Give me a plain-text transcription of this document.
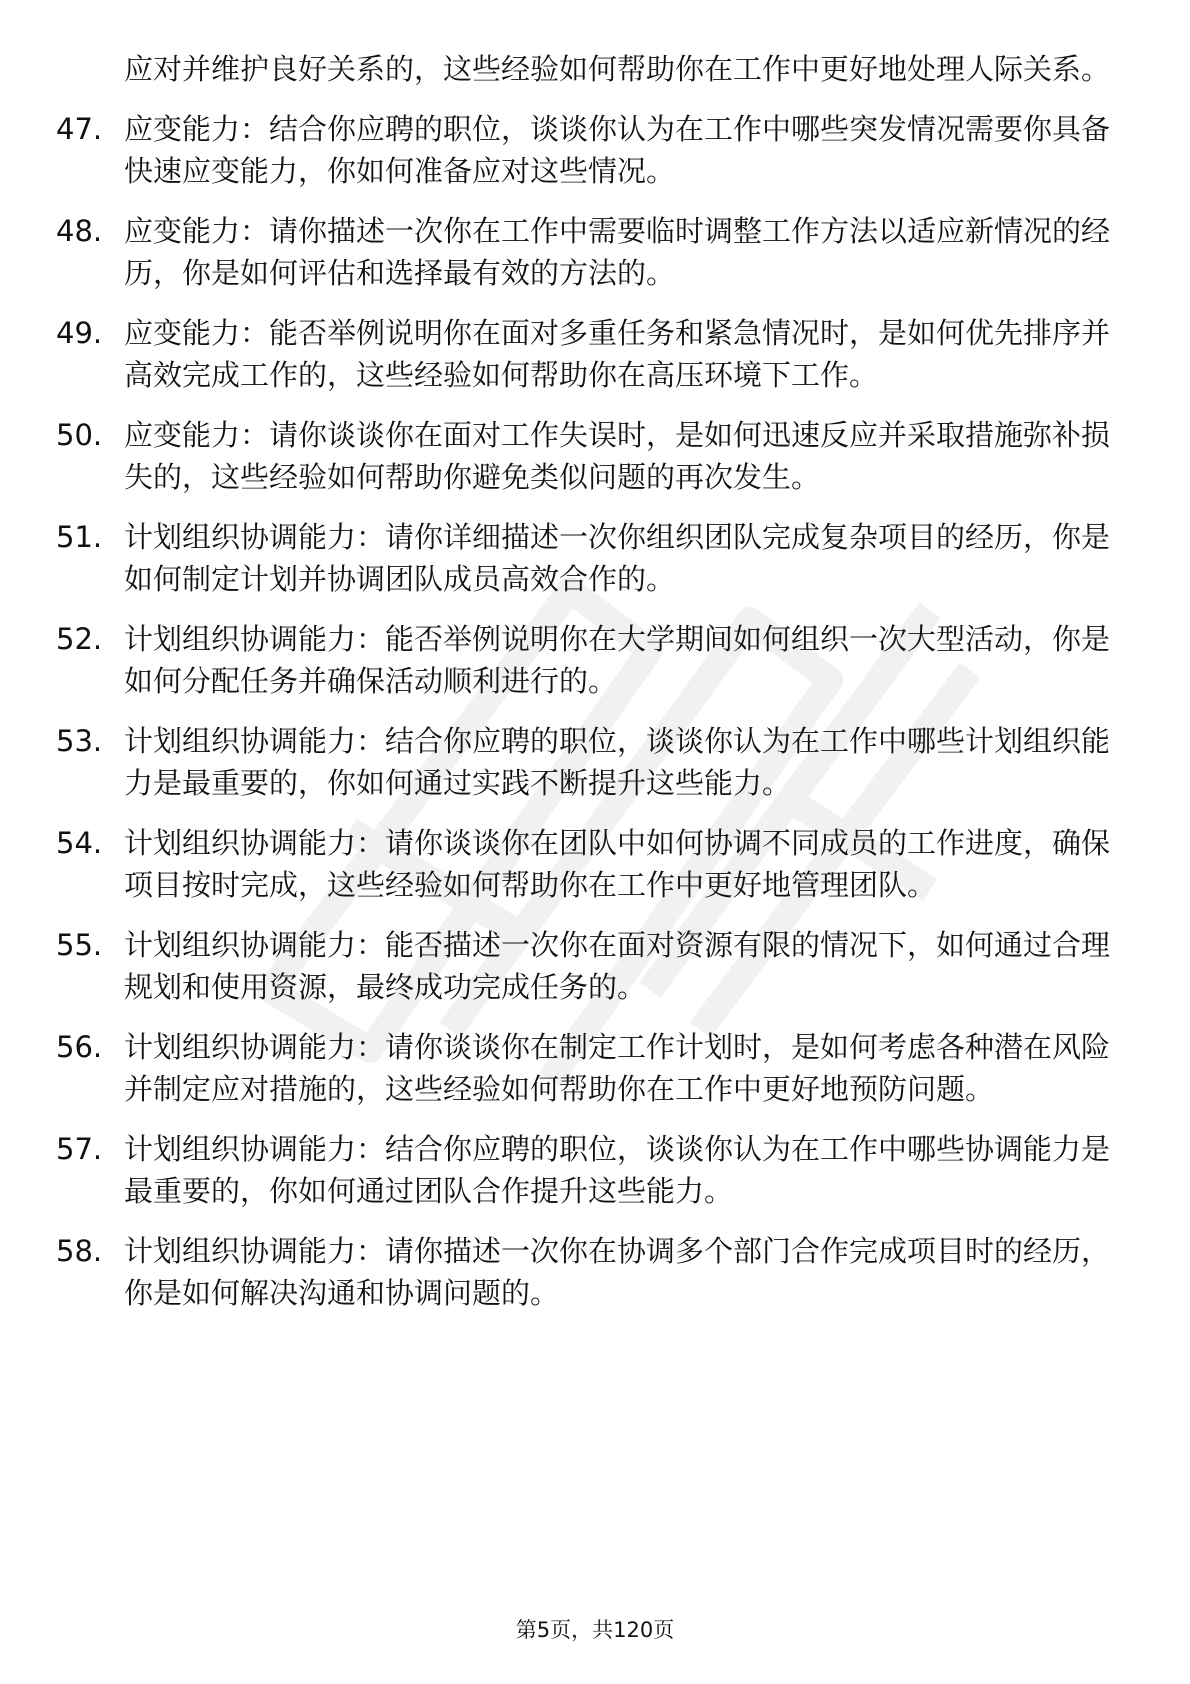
应对并维护良好关系的，这些经验如何帮助你在工作中更好地处理人际关系。
47. 应变能力：结合你应聘的职位，谈谈你认为在工作中哪些突发情况需要你具备快速应变能力，你如何准备应对这些情况。
48. 应变能力：请你描述一次你在工作中需要临时调整工作方法以适应新情况的经历，你是如何评估和选择最有效的方法的。
49. 应变能力：能否举例说明你在面对多重任务和紧急情况时，是如何优先排序并高效完成工作的，这些经验如何帮助你在高压环境下工作。
50. 应变能力：请你谈谈你在面对工作失误时，是如何迅速反应并采取措施弥补损失的，这些经验如何帮助你避免类似问题的再次发生。
51. 计划组织协调能力：请你详细描述一次你组织团队完成复杂项目的经历，你是如何制定计划并协调团队成员高效合作的。
52. 计划组织协调能力：能否举例说明你在大学期间如何组织一次大型活动，你是如何分配任务并确保活动顺利进行的。
53. 计划组织协调能力：结合你应聘的职位，谈谈你认为在工作中哪些计划组织能力是最重要的，你如何通过实践不断提升这些能力。
54. 计划组织协调能力：请你谈谈你在团队中如何协调不同成员的工作进度，确保项目按时完成，这些经验如何帮助你在工作中更好地管理团队。
55. 计划组织协调能力：能否描述一次你在面对资源有限的情况下，如何通过合理规划和使用资源，最终成功完成任务的。
56. 计划组织协调能力：请你谈谈你在制定工作计划时，是如何考虑各种潜在风险并制定应对措施的，这些经验如何帮助你在工作中更好地预防问题。
57. 计划组织协调能力：结合你应聘的职位，谈谈你认为在工作中哪些协调能力是最重要的，你如何通过团队合作提升这些能力。
58. 计划组织协调能力：请你描述一次你在协调多个部门合作完成项目时的经历，你是如何解决沟通和协调问题的。
第5页，共120页
